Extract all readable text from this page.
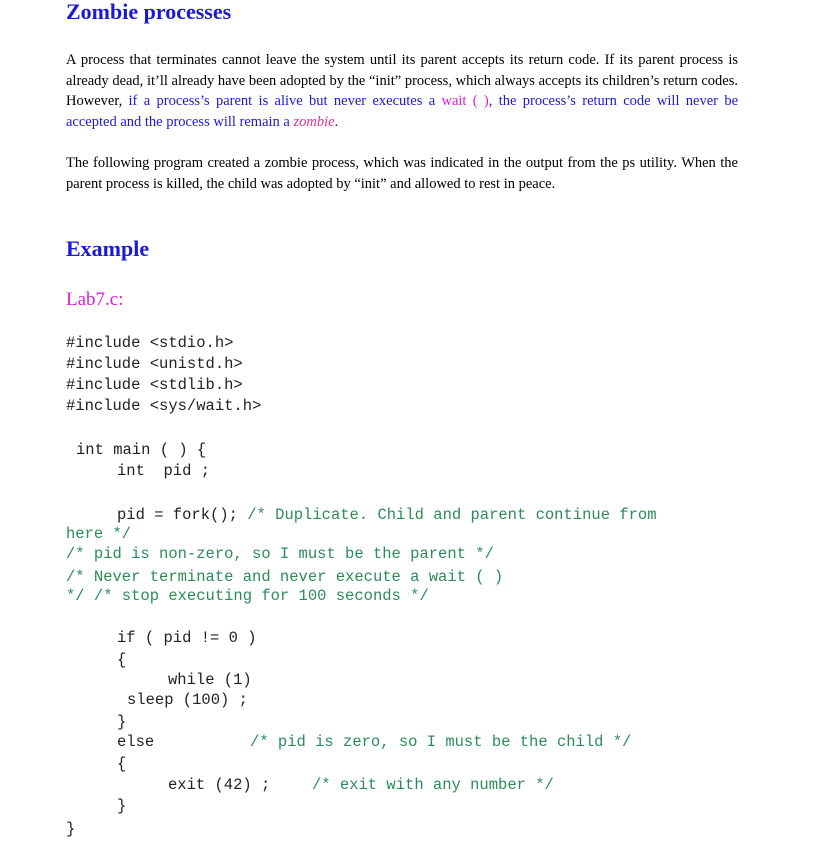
Zombie processes

A process that terminates cannot leave the system until its parent accepts its return code. If its parent process is already dead, it’ll already have been adopted by the “init” process, which always accepts its children’s return codes. However, if a process’s parent is alive but never executes a wait ( ), the process’s return code will never be accepted and the process will remain a zombie.

The following program created a zombie process, which was indicated in the output from the ps utility. When the parent process is killed, the child was adopted by “init” and allowed to rest in peace.

Example
Lab7.c:
#include <stdio.h>
#include <unistd.h>
#include <stdlib.h>
#include <sys/wait.h>
int main ( ) {
int  pid ;
pid = fork(); /* Duplicate. Child and parent continue from
here */
/* pid is non-zero, so I must be the parent */
/* Never terminate and never execute a wait ( )
*/ /* stop executing for 100 seconds */
if ( pid != 0 )
{
while (1)
sleep (100) ;
}
else	/* pid is zero, so I must be the child */
{
exit (42) ;	/* exit with any number */
}
}
